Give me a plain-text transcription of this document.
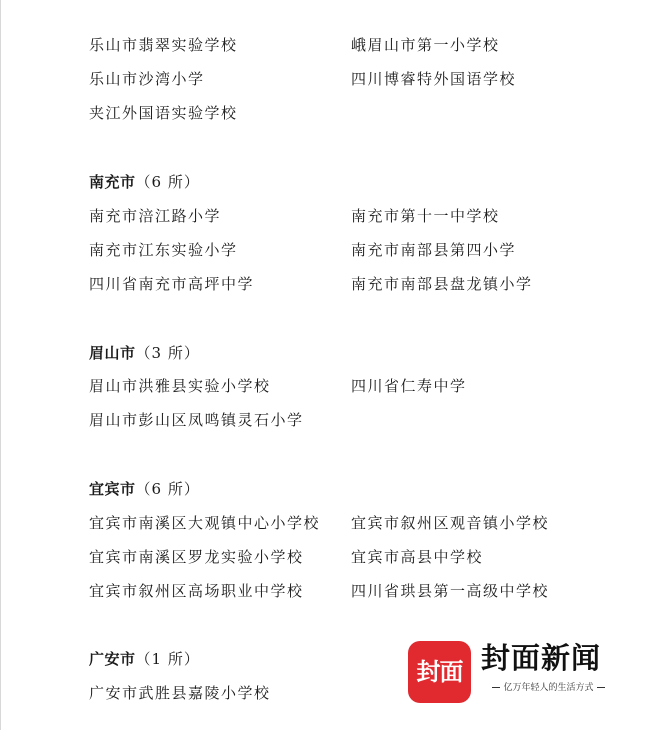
乐山市翡翠实验学校
乐山市沙湾小学
夹江外国语实验学校
峨眉山市第一小学校
四川博睿特外国语学校
南充市（6 所）
南充市涪江路小学
南充市江东实验小学
四川省南充市高坪中学
南充市第十一中学校
南充市南部县第四小学
南充市南部县盘龙镇小学
眉山市（3 所）
眉山市洪雅县实验小学校
眉山市彭山区凤鸣镇灵石小学
四川省仁寿中学
宜宾市（6 所）
宜宾市南溪区大观镇中心小学校
宜宾市南溪区罗龙实验小学校
宜宾市叙州区高场职业中学校
宜宾市叙州区观音镇小学校
宜宾市高县中学校
四川省珙县第一高级中学校
广安市（1 所）
广安市武胜县嘉陵小学校
封面 封面新闻
亿万年轻人的生活方式
